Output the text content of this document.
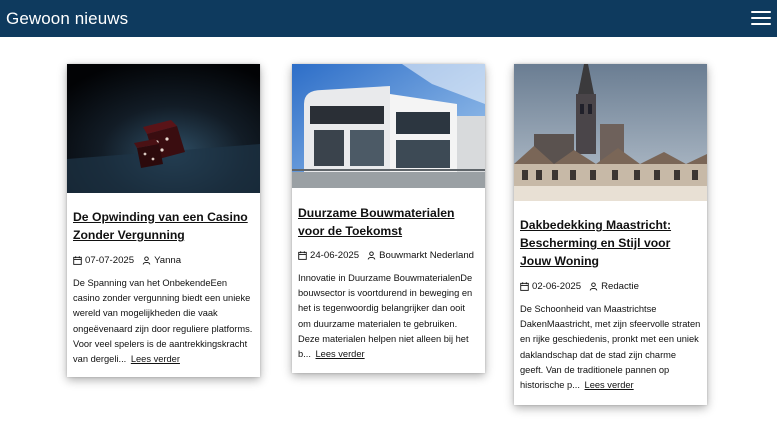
Gewoon nieuws
De Opwinding van een Casino Zonder Vergunning
07-07-2025 Yanna
De Spanning van het OnbekendeEen casino zonder vergunning biedt een unieke wereld van mogelijkheden die vaak ongeëvenaard zijn door reguliere platforms. Voor veel spelers is de aantrekkingskracht van dergeli... Lees verder
Duurzame Bouwmaterialen voor de Toekomst
24-06-2025 Bouwmarkt Nederland
Innovatie in Duurzame BouwmaterialenDe bouwsector is voortdurend in beweging en het is tegenwoordig belangrijker dan ooit om duurzame materialen te gebruiken. Deze materialen helpen niet alleen bij het b... Lees verder
Dakbedekking Maastricht: Bescherming en Stijl voor Jouw Woning
02-06-2025 Redactie
De Schoonheid van Maastrichtse DakenMaastricht, met zijn sfeervolle straten en rijke geschiedenis, pronkt met een uniek daklandschap dat de stad zijn charme geeft. Van de traditionele pannen op historische p... Lees verder
